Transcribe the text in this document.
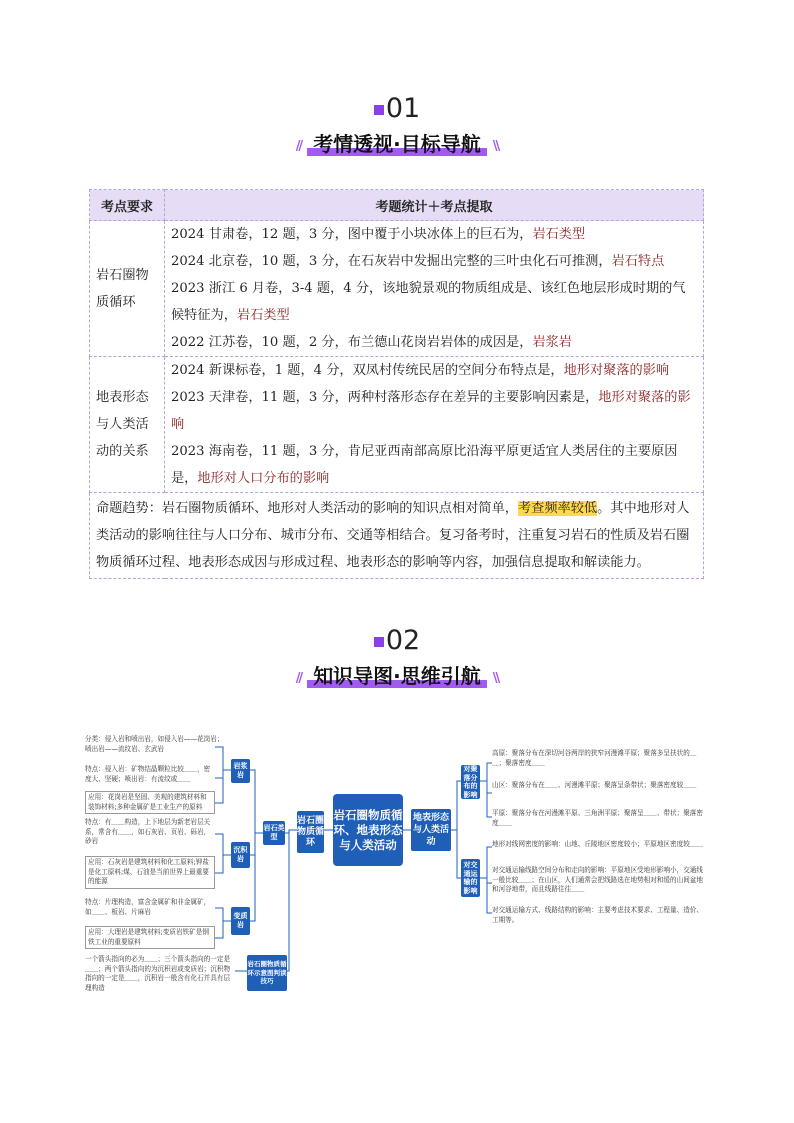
01
// 考情透视·目标导航 \\
考点要求	考题统计＋考点提取
岩石圈物质循环	2024 甘肃卷，12 题，3 分，图中覆于小块冰体上的巨石为，岩石类型
2024 北京卷，10 题，3 分，在石灰岩中发掘出完整的三叶虫化石可推测，岩石特点
2023 浙江 6 月卷，3-4 题，4 分，该地貌景观的物质组成是、该红色地层形成时期的气候特征为，岩石类型
2022 江苏卷，10 题，2 分，布兰德山花岗岩岩体的成因是，岩浆岩

地表形态与人类活动的关系	2024 新课标卷，1 题，4 分，双凤村传统民居的空间分布特点是，地形对聚落的影响
2023 天津卷，11 题，3 分，两种村落形态存在差异的主要影响因素是，地形对聚落的影响
2023 海南卷，11 题，3 分，肯尼亚西南部高原比沿海平原更适宜人类居住的主要原因是，地形对人口分布的影响

命题趋势：岩石圈物质循环、地形对人类活动的影响的知识点相对简单，考查频率较低。其中地形对人类活动的影响往往与人口分布、城市分布、交通等相结合。复习备考时，注重复习岩石的性质及岩石圈物质循环过程、地表形态成因与形成过程、地表形态的影响等内容，加强信息提取和解读能力。	
02
// 知识导图·思维引航 \\
分类：侵入岩和喷出岩，如侵入岩——花岗岩；喷出岩——流纹岩、玄武岩
特点：侵入岩：矿物结晶颗粒比较＿＿，密度大、坚硬；喷出岩：有流纹或＿＿
应用：花岗岩是坚固、美观的建筑材料和装饰材料;多种金属矿是工业生产的原料
特点：有＿＿构造，上下地层为新老岩层关系，常含有＿＿，如石灰岩、页岩、砾岩，砂岩
应用：石灰岩是建筑材料和化工原料;钾盐是化工原料;煤、石油是当前世界上最重要的能源
特点：片理构造，富含金属矿和非金属矿，如＿＿、板岩、片麻岩
应用：大理岩是建筑材料;变质岩铁矿是钢铁工业的重要原料
一个箭头指向的必为＿＿；三个箭头指向的一定是＿＿；两个箭头指向的为沉积岩或变质岩；沉积物指向的一定是＿＿，沉积岩一般含有化石并具有层理构造
岩浆岩
沉积岩
变质岩
岩石类型
岩石圈物质循环示意图判读技巧
岩石圈物质循环
岩石圈物质循环、地表形态与人类活动
地表形态与人类活动
对聚落分布的影响
对交通运输的影响
高原：聚落分布在深切河谷两岸的狭窄河漫滩平原；聚落多呈扶状的＿＿；聚落密度＿＿
山区：聚落分布在＿＿、河漫滩平原；聚落呈条带状；聚落密度较＿＿
平原：聚落分布在河漫滩平原、三角洲平原；聚落呈＿＿、带状；聚落密度＿＿
地形对线网密度的影响：山地、丘陵地区密度较小；平原地区密度较＿＿
对交通运输线路空间分布和走向的影响：平原地区受地形影响小，交通线一般比较＿＿；在山区，人们通常会把线路选在地势相对和缓的山间盆地和河谷地带，而且线路往往＿＿
对交通运输方式、线路结构的影响：主要考虑技术要求、工程量、造价、工期等。
